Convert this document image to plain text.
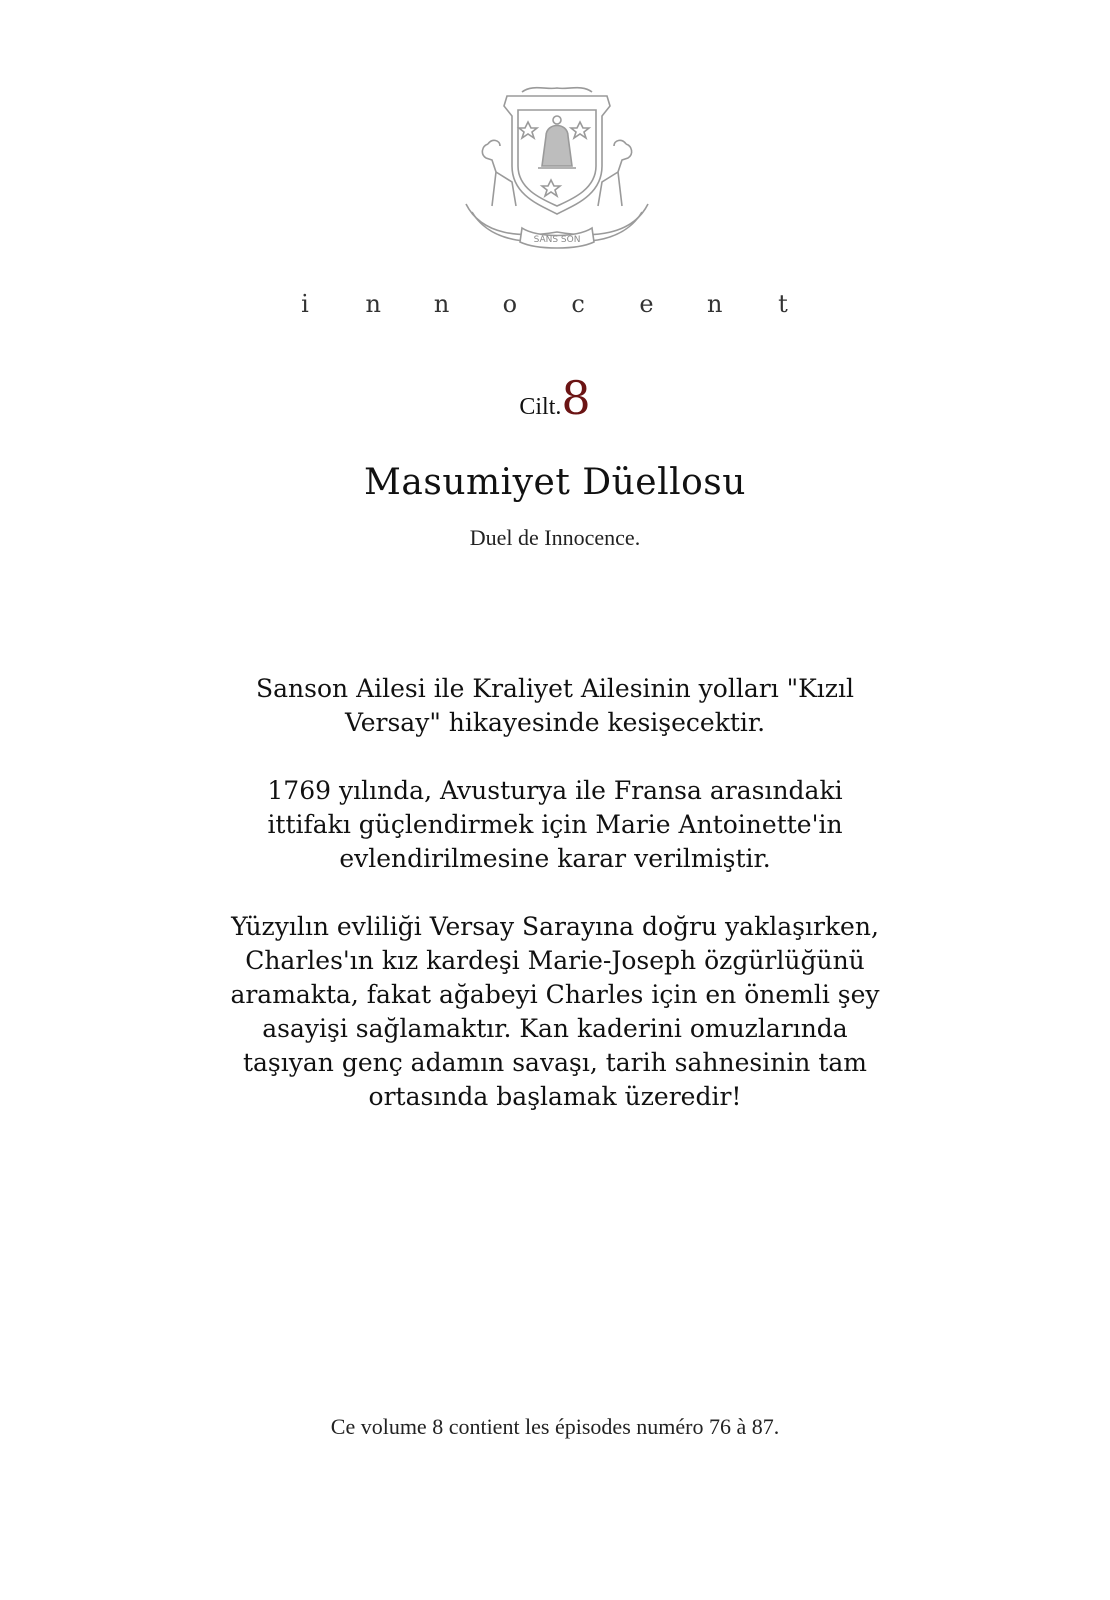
SANS SON
i n n o c e n t
Cilt.8
Masumiyet Düellosu
Duel de Innocence.

Sanson Ailesi ile Kraliyet Ailesinin yolları "Kızıl Versay" hikayesinde kesişecektir.

1769 yılında, Avusturya ile Fransa arasındaki ittifakı güçlendirmek için Marie Antoinette'in evlendirilmesine karar verilmiştir.

Yüzyılın evliliği Versay Sarayına doğru yaklaşırken, Charles'ın kız kardeşi Marie-Joseph özgürlüğünü aramakta, fakat ağabeyi Charles için en önemli şey asayişi sağlamaktır. Kan kaderini omuzlarında taşıyan genç adamın savaşı, tarih sahnesinin tam ortasında başlamak üzeredir!

Ce volume 8 contient les épisodes numéro 76 à 87.
